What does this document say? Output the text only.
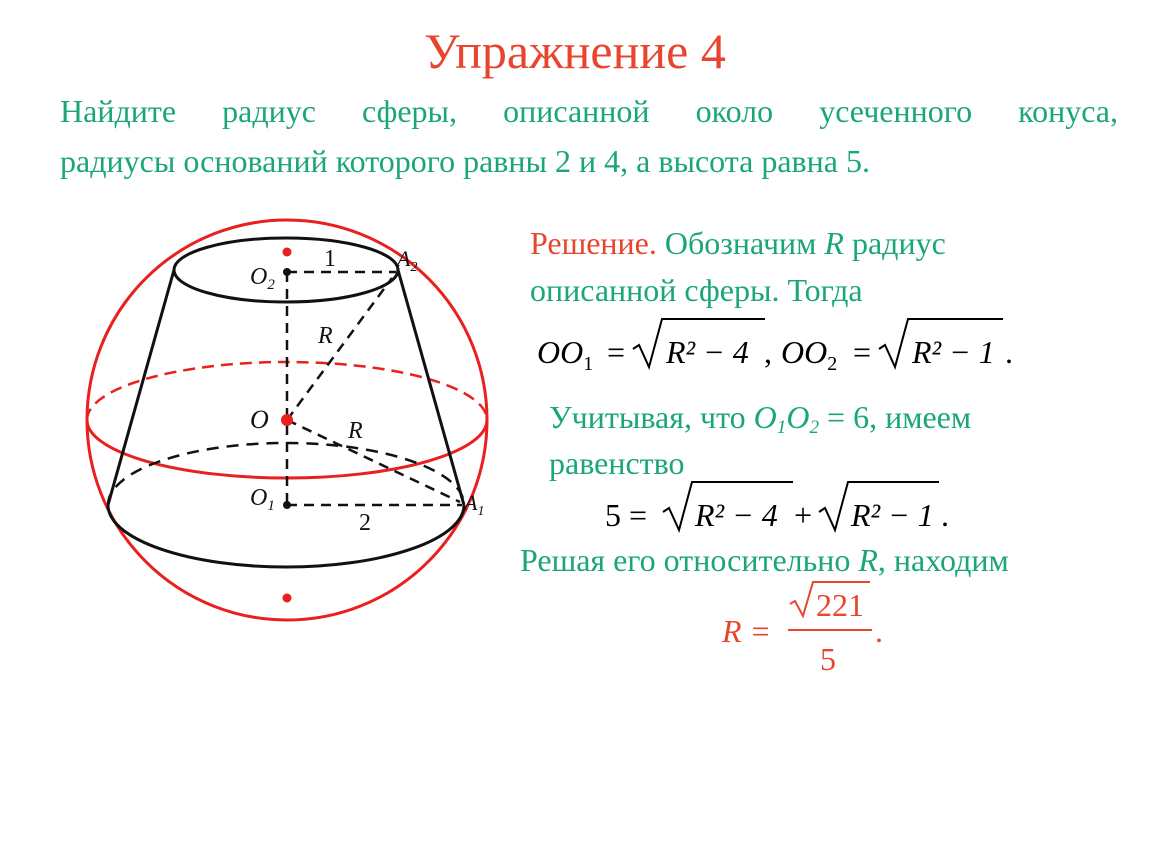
Упражнение 4
Найдите радиус сферы, описанной около усеченного конуса,
радиусы оснований которого равны 2 и 4, а высота равна 5.
$O_2$
1	$A_2$
R
O	R
$O_1$
2
$A_1$
Решение. Обозначим R радиус
описанной сферы. Тогда
$OO_1 = R^2 - 4$ , $OO_2 = R^2 - 1$ .
Учитывая, что $O_1O_2 = 6$, имеем
равенство
5 = R² − 4 + R² − 1 .
Решая его относительно R, находим
R =
221
5
.
